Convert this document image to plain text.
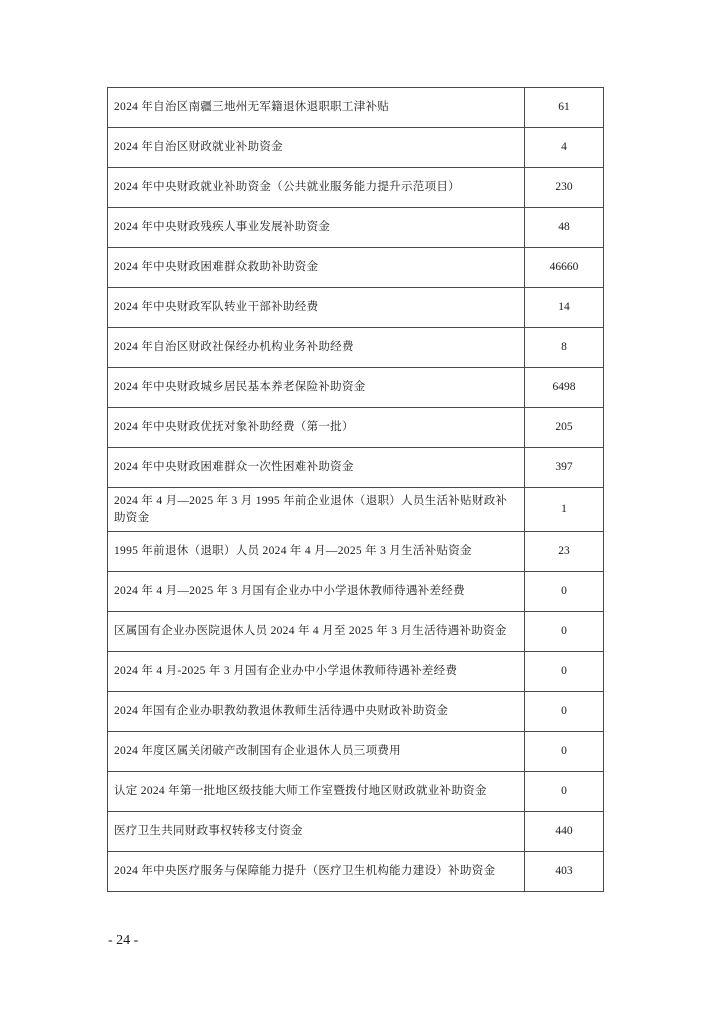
2024 年自治区南疆三地州无军籍退休退职职工津补贴	61
2024 年自治区财政就业补助资金	4
2024 年中央财政就业补助资金（公共就业服务能力提升示范项目）	230
2024 年中央财政残疾人事业发展补助资金	48
2024 年中央财政困难群众救助补助资金	46660
2024 年中央财政军队转业干部补助经费	14
2024 年自治区财政社保经办机构业务补助经费	8
2024 年中央财政城乡居民基本养老保险补助资金	6498
2024 年中央财政优抚对象补助经费（第一批）	205
2024 年中央财政困难群众一次性困难补助资金	397
2024 年 4 月—2025 年 3 月 1995 年前企业退休（退职）人员生活补贴财政补助资金	1
1995 年前退休（退职）人员 2024 年 4 月—2025 年 3 月生活补贴资金	23
2024 年 4 月—2025 年 3 月国有企业办中小学退休教师待遇补差经费	0
区属国有企业办医院退休人员 2024 年 4 月至 2025 年 3 月生活待遇补助资金	0
2024 年 4 月-2025 年 3 月国有企业办中小学退休教师待遇补差经费	0
2024 年国有企业办职教幼教退休教师生活待遇中央财政补助资金	0
2024 年度区属关闭破产改制国有企业退休人员三项费用	0
认定 2024 年第一批地区级技能大师工作室暨拨付地区财政就业补助资金	0
医疗卫生共同财政事权转移支付资金	440
2024 年中央医疗服务与保障能力提升（医疗卫生机构能力建设）补助资金	403
- 24 -
